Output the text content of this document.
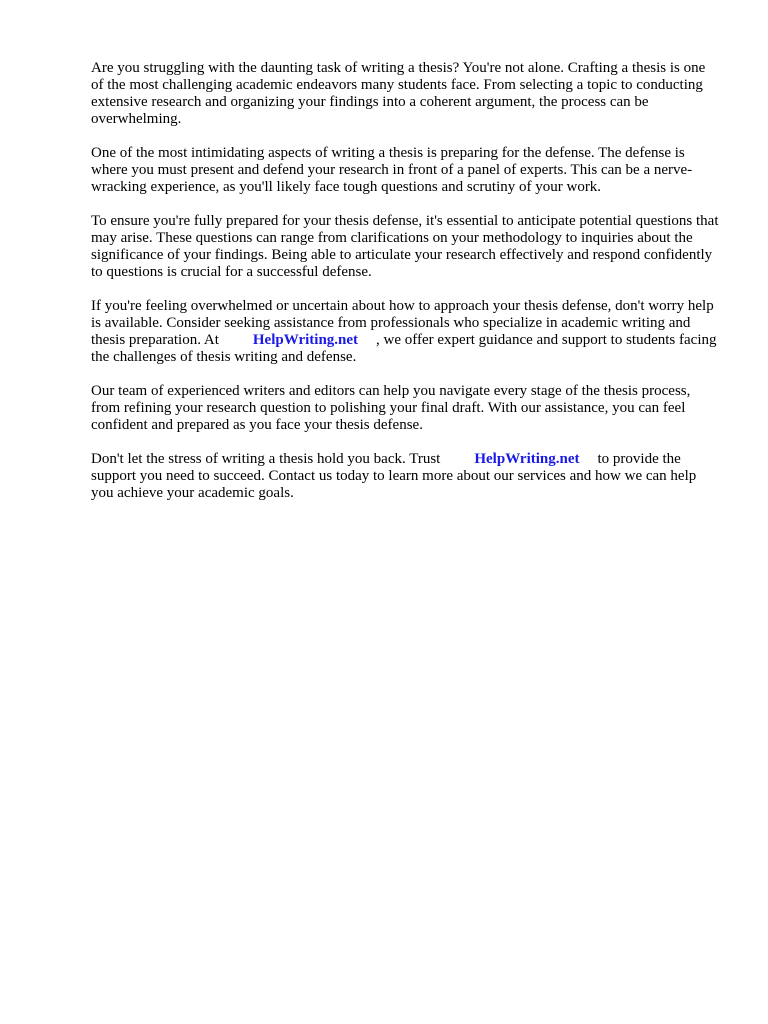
Are you struggling with the daunting task of writing a thesis? You're not alone. Crafting a thesis is one of the most challenging academic endeavors many students face. From selecting a topic to conducting extensive research and organizing your findings into a coherent argument, the process can be overwhelming.

One of the most intimidating aspects of writing a thesis is preparing for the defense. The defense is where you must present and defend your research in front of a panel of experts. This can be a nerve-wracking experience, as you'll likely face tough questions and scrutiny of your work.

To ensure you're fully prepared for your thesis defense, it's essential to anticipate potential questions that may arise. These questions can range from clarifications on your methodology to inquiries about the significance of your findings. Being able to articulate your research effectively and respond confidently to questions is crucial for a successful defense.

If you're feeling overwhelmed or uncertain about how to approach your thesis defense, don't worry help is available. Consider seeking assistance from professionals who specialize in academic writing and thesis preparation. At HelpWriting.net , we offer expert guidance and support to students facing the challenges of thesis writing and defense.

Our team of experienced writers and editors can help you navigate every stage of the thesis process, from refining your research question to polishing your final draft. With our assistance, you can feel confident and prepared as you face your thesis defense.

Don't let the stress of writing a thesis hold you back. Trust HelpWriting.net to provide the support you need to succeed. Contact us today to learn more about our services and how we can help you achieve your academic goals.
